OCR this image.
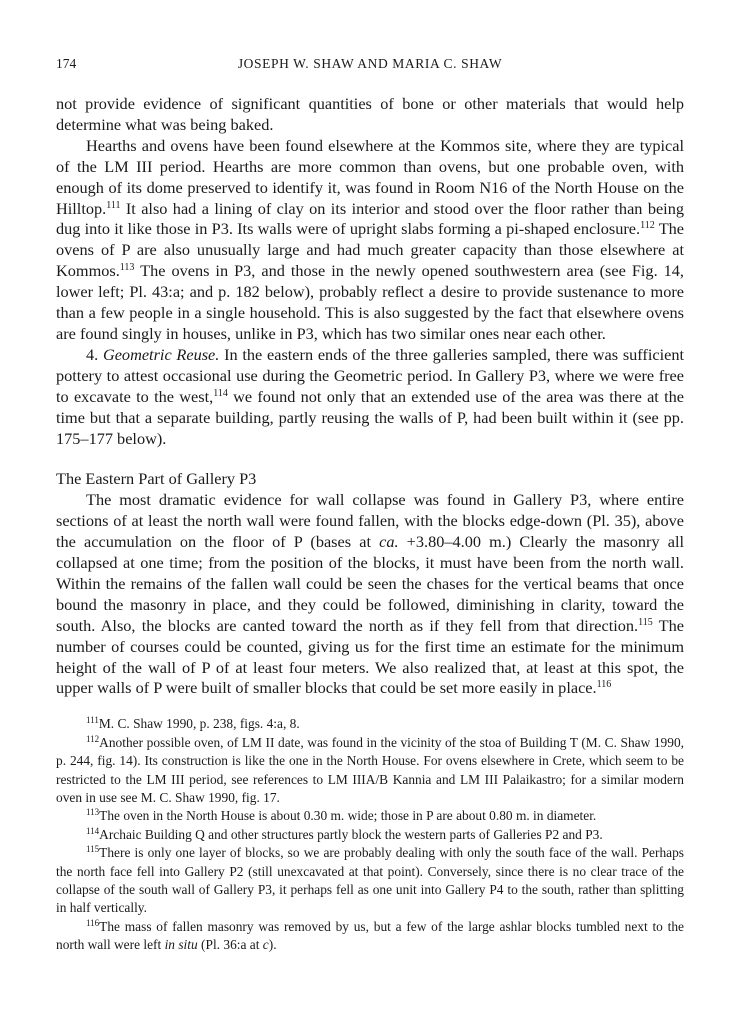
174	JOSEPH W. SHAW AND MARIA C. SHAW

not provide evidence of significant quantities of bone or other materials that would help determine what was being baked.

Hearths and ovens have been found elsewhere at the Kommos site, where they are typical of the LM III period. Hearths are more common than ovens, but one probable oven, with enough of its dome preserved to identify it, was found in Room N16 of the North House on the Hilltop.$^{111}$ It also had a lining of clay on its interior and stood over the floor rather than being dug into it like those in P3. Its walls were of upright slabs forming a pi-shaped enclosure.$^{112}$ The ovens of P are also unusually large and had much greater capacity than those elsewhere at Kommos.$^{113}$ The ovens in P3, and those in the newly opened southwestern area (see Fig. 14, lower left; Pl. 43:a; and p. 182 below), probably reflect a desire to provide sustenance to more than a few people in a single household. This is also suggested by the fact that elsewhere ovens are found singly in houses, unlike in P3, which has two similar ones near each other.

4. Geometric Reuse. In the eastern ends of the three galleries sampled, there was sufficient pottery to attest occasional use during the Geometric period. In Gallery P3, where we were free to excavate to the west,$^{114}$ we found not only that an extended use of the area was there at the time but that a separate building, partly reusing the walls of P, had been built within it (see pp. 175–177 below).

The Eastern Part of Gallery P3

The most dramatic evidence for wall collapse was found in Gallery P3, where entire sections of at least the north wall were found fallen, with the blocks edge-down (Pl. 35), above the accumulation on the floor of P (bases at ca. +3.80–4.00 m.) Clearly the masonry all collapsed at one time; from the position of the blocks, it must have been from the north wall. Within the remains of the fallen wall could be seen the chases for the vertical beams that once bound the masonry in place, and they could be followed, diminishing in clarity, toward the south. Also, the blocks are canted toward the north as if they fell from that direction.$^{115}$ The number of courses could be counted, giving us for the first time an estimate for the minimum height of the wall of P of at least four meters. We also realized that, at least at this spot, the upper walls of P were built of smaller blocks that could be set more easily in place.$^{116}$

$^{111}$M. C. Shaw 1990, p. 238, figs. 4:a, 8.

$^{112}$Another possible oven, of LM II date, was found in the vicinity of the stoa of Building T (M. C. Shaw 1990, p. 244, fig. 14). Its construction is like the one in the North House. For ovens elsewhere in Crete, which seem to be restricted to the LM III period, see references to LM IIIA/B Kannia and LM III Palaikastro; for a similar modern oven in use see M. C. Shaw 1990, fig. 17.

$^{113}$The oven in the North House is about 0.30 m. wide; those in P are about 0.80 m. in diameter.

$^{114}$Archaic Building Q and other structures partly block the western parts of Galleries P2 and P3.

$^{115}$There is only one layer of blocks, so we are probably dealing with only the south face of the wall. Perhaps the north face fell into Gallery P2 (still unexcavated at that point). Conversely, since there is no clear trace of the collapse of the south wall of Gallery P3, it perhaps fell as one unit into Gallery P4 to the south, rather than splitting in half vertically.

$^{116}$The mass of fallen masonry was removed by us, but a few of the large ashlar blocks tumbled next to the north wall were left in situ (Pl. 36:a at c).
